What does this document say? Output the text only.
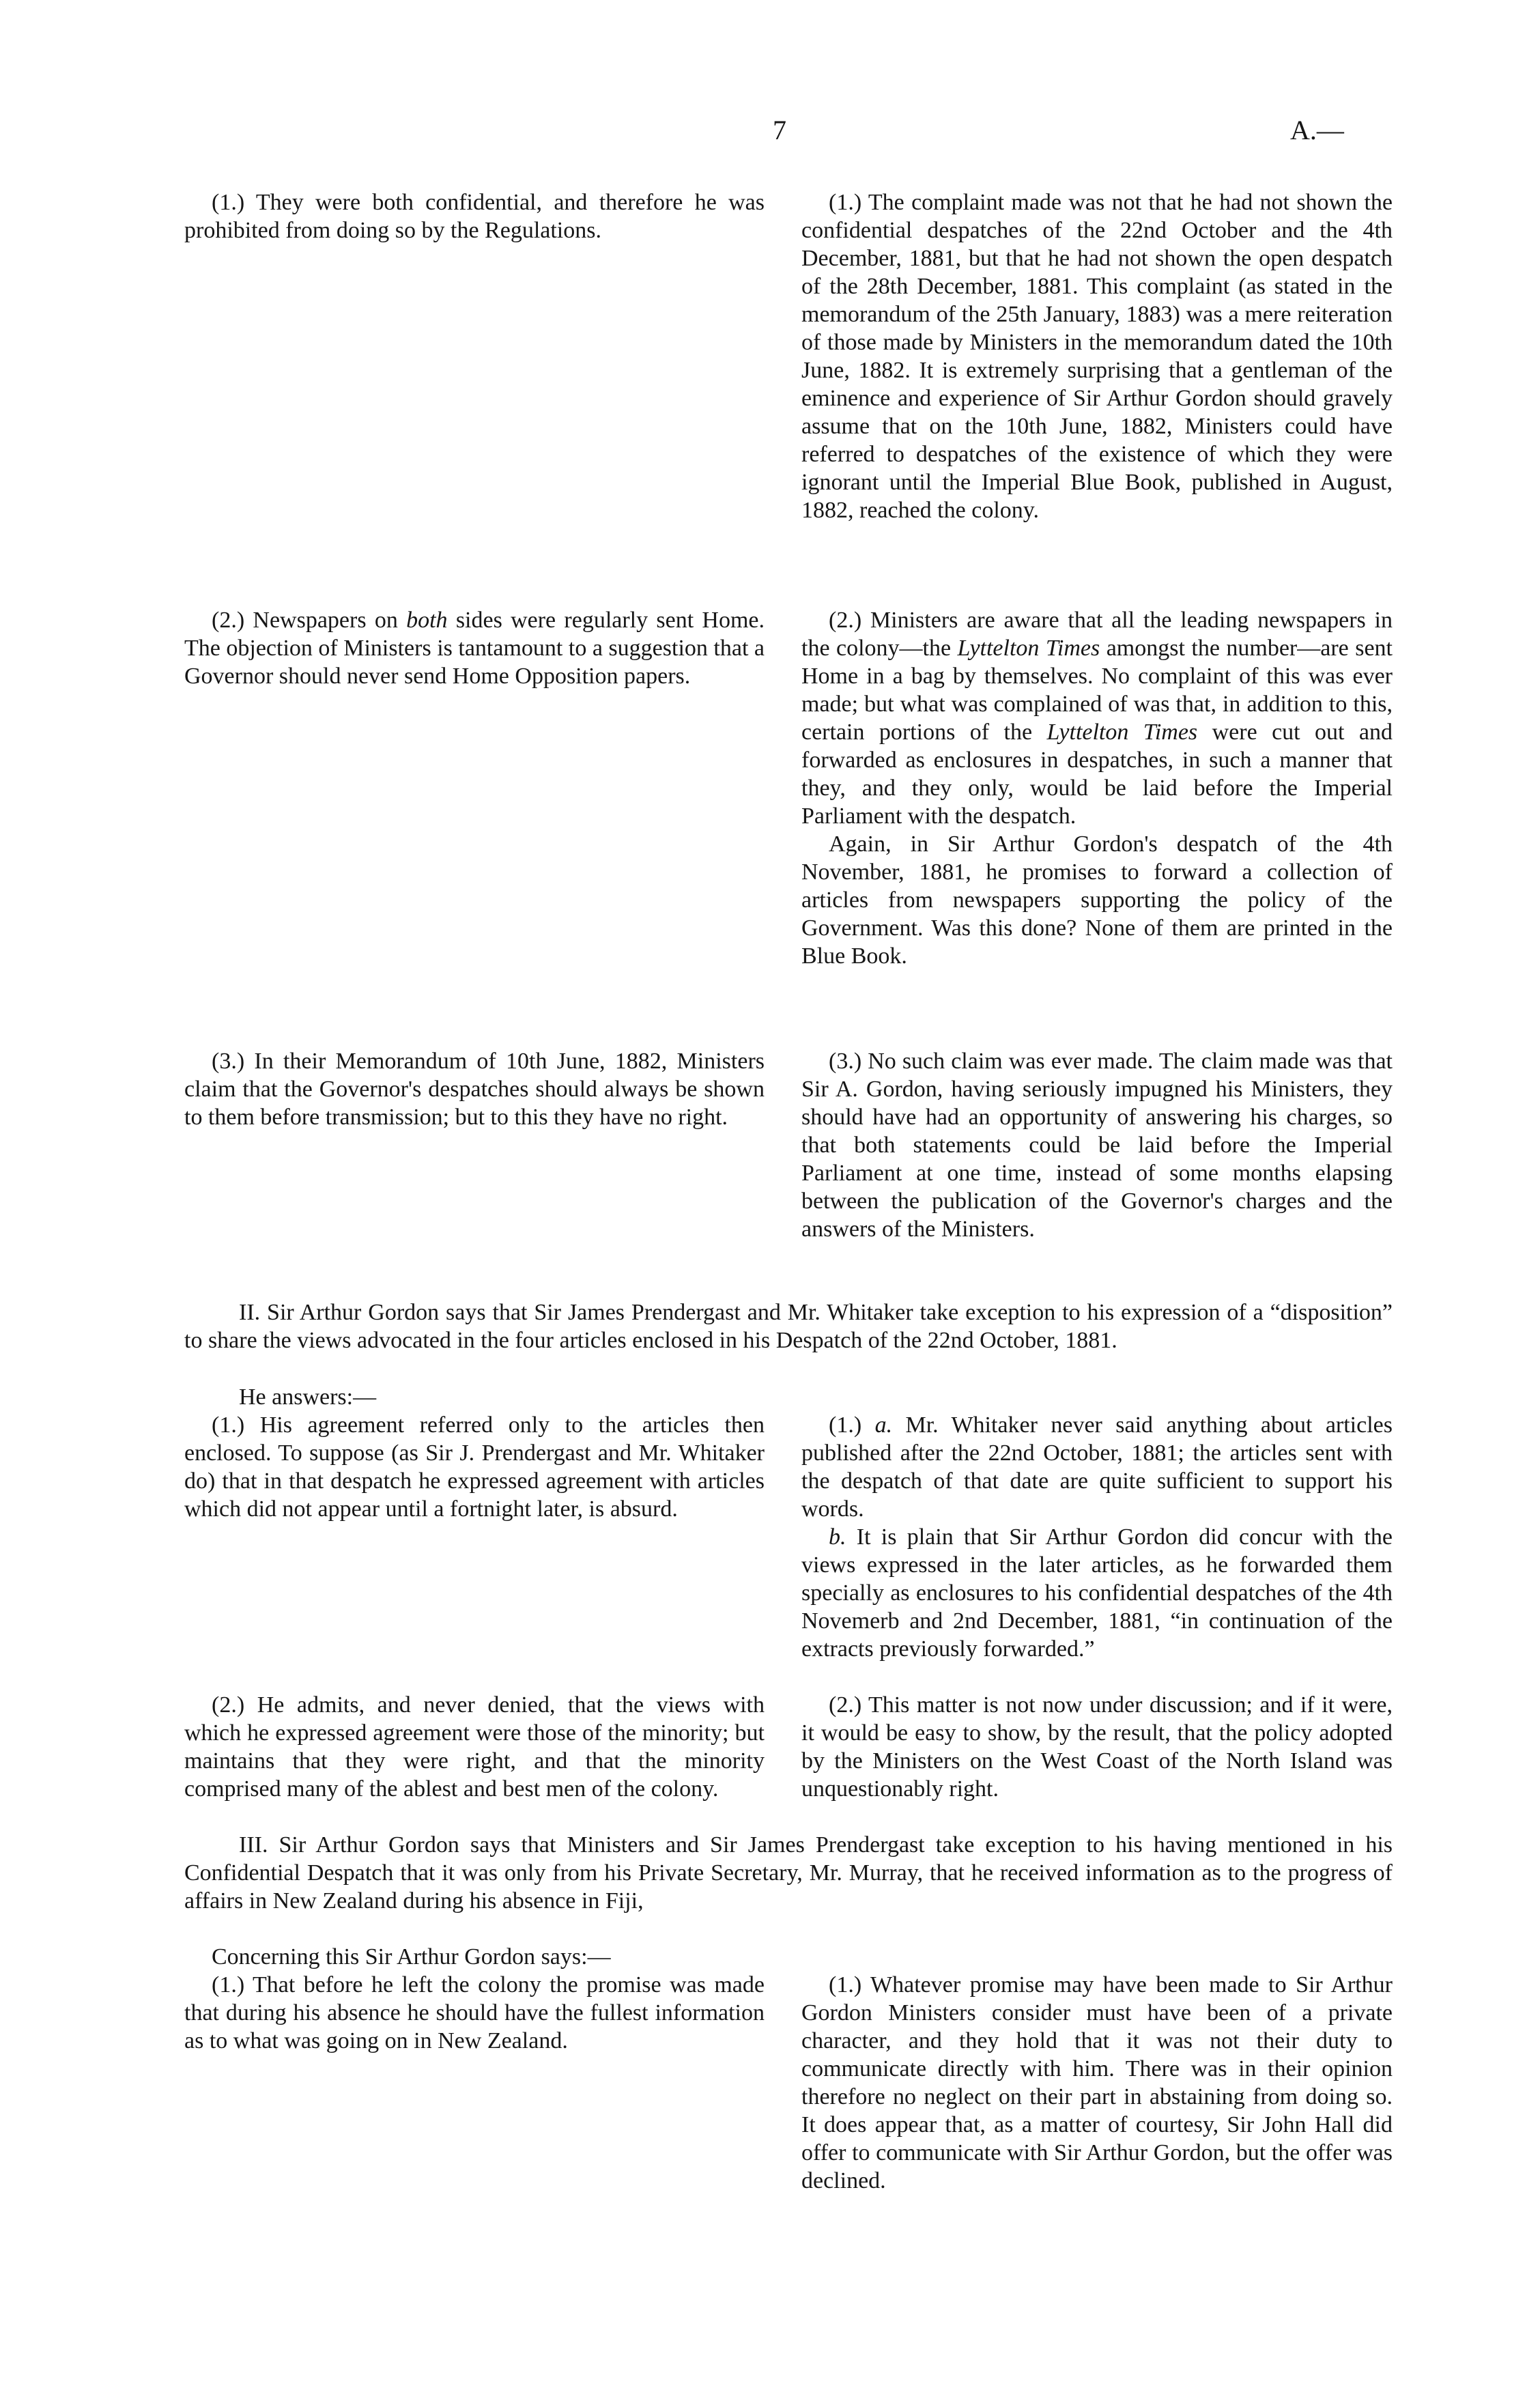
7	A.—

(1.) They were both confidential, and therefore he was prohibited from doing so by the Regulations.

(1.) The complaint made was not that he had not shown the confidential despatches of the 22nd October and the 4th December, 1881, but that he had not shown the open despatch of the 28th December, 1881. This complaint (as stated in the memorandum of the 25th January, 1883) was a mere reiteration of those made by Ministers in the memorandum dated the 10th June, 1882. It is extremely surprising that a gentleman of the eminence and experience of Sir Arthur Gordon should gravely assume that on the 10th June, 1882, Ministers could have referred to despatches of the existence of which they were ignorant until the Imperial Blue Book, published in August, 1882, reached the colony.

(2.) Newspapers on both sides were regularly sent Home. The objection of Ministers is tantamount to a suggestion that a Governor should never send Home Opposition papers.

(2.) Ministers are aware that all the leading newspapers in the colony—the Lyttelton Times amongst the number—are sent Home in a bag by themselves. No complaint of this was ever made; but what was complained of was that, in addition to this, certain portions of the Lyttelton Times were cut out and forwarded as enclosures in despatches, in such a manner that they, and they only, would be laid before the Imperial Parliament with the despatch.

Again, in Sir Arthur Gordon's despatch of the 4th November, 1881, he promises to forward a collection of articles from newspapers supporting the policy of the Government. Was this done? None of them are printed in the Blue Book.

(3.) In their Memorandum of 10th June, 1882, Ministers claim that the Governor's despatches should always be shown to them before transmission; but to this they have no right.

(3.) No such claim was ever made. The claim made was that Sir A. Gordon, having seriously impugned his Ministers, they should have had an opportunity of answering his charges, so that both statements could be laid before the Imperial Parliament at one time, instead of some months elapsing between the publication of the Governor's charges and the answers of the Ministers.

II. Sir Arthur Gordon says that Sir James Prendergast and Mr. Whitaker take exception to his expression of a “disposition” to share the views advocated in the four articles enclosed in his Despatch of the 22nd October, 1881.

He answers:—

(1.) His agreement referred only to the articles then enclosed. To suppose (as Sir J. Prendergast and Mr. Whitaker do) that in that despatch he expressed agreement with articles which did not appear until a fortnight later, is absurd.

(1.) a. Mr. Whitaker never said anything about articles published after the 22nd October, 1881; the articles sent with the despatch of that date are quite sufficient to support his words.

b. It is plain that Sir Arthur Gordon did concur with the views expressed in the later articles, as he forwarded them specially as enclosures to his confidential despatches of the 4th Novemerb and 2nd December, 1881, “in continuation of the extracts previously forwarded.”

(2.) He admits, and never denied, that the views with which he expressed agreement were those of the minority; but maintains that they were right, and that the minority comprised many of the ablest and best men of the colony.

(2.) This matter is not now under discussion; and if it were, it would be easy to show, by the result, that the policy adopted by the Ministers on the West Coast of the North Island was unquestionably right.

III. Sir Arthur Gordon says that Ministers and Sir James Prendergast take exception to his having mentioned in his Confidential Despatch that it was only from his Private Secretary, Mr. Murray, that he received information as to the progress of affairs in New Zealand during his absence in Fiji,

Concerning this Sir Arthur Gordon says:—

(1.) That before he left the colony the promise was made that during his absence he should have the fullest information as to what was going on in New Zealand.

(1.) Whatever promise may have been made to Sir Arthur Gordon Ministers consider must have been of a private character, and they hold that it was not their duty to communicate directly with him. There was in their opinion therefore no neglect on their part in abstaining from doing so. It does appear that, as a matter of courtesy, Sir John Hall did offer to communicate with Sir Arthur Gordon, but the offer was declined.
